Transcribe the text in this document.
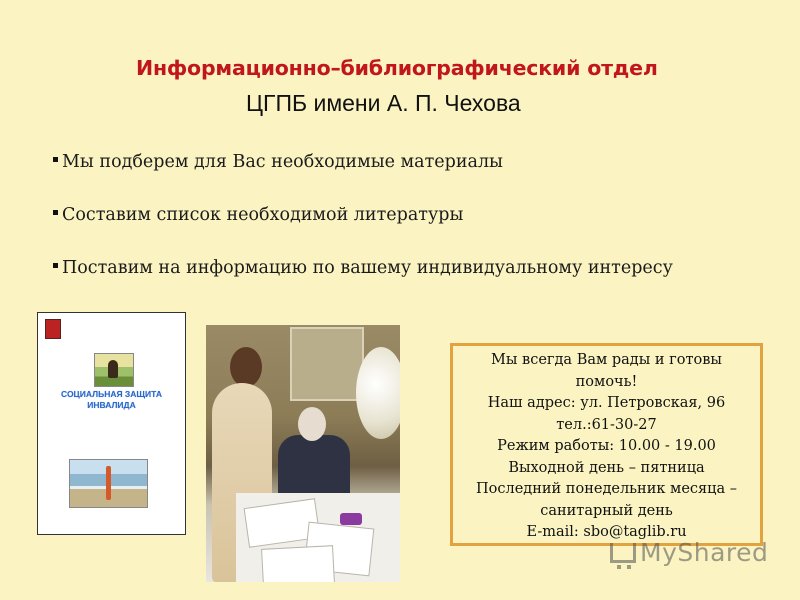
Информационно–библиографический отдел
ЦГПБ имени А. П. Чехова
Мы подберем для Вас необходимые материалы
Составим список необходимой литературы
Поставим на информацию по вашему индивидуальному интересу
СОЦИАЛЬНАЯ ЗАЩИТА
ИНВАЛИДА
Мы всегда Вам рады и готовы
помочь!
Наш адрес: ул. Петровская, 96
тел.:61-30-27
Режим работы: 10.00 - 19.00
Выходной день – пятница
Последний понедельник месяца –
санитарный день
E-mail: sbo@taglib.ru
MyShared
